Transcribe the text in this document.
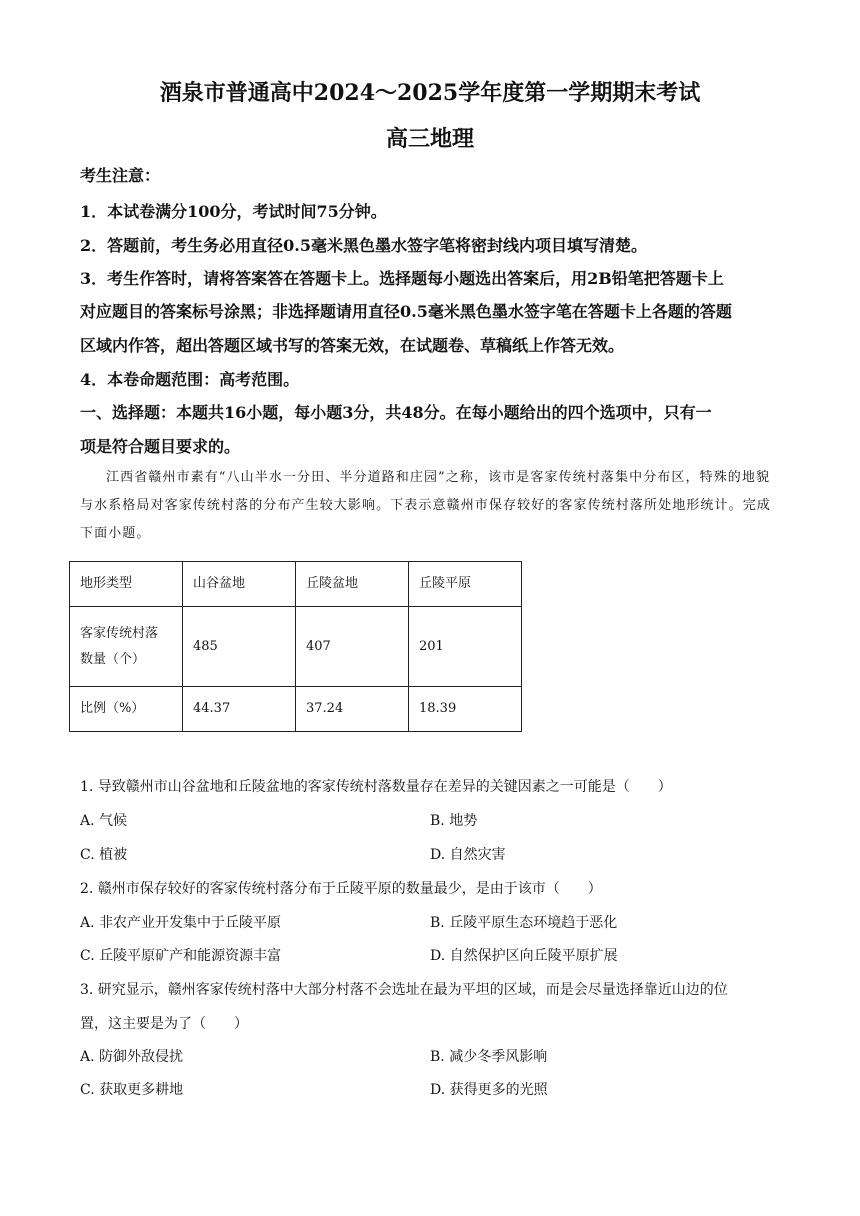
酒泉市普通高中2024～2025学年度第一学期期末考试
高三地理
考生注意：
1．本试卷满分100分，考试时间75分钟。
2．答题前，考生务必用直径0.5毫米黑色墨水签字笔将密封线内项目填写清楚。
3．考生作答时，请将答案答在答题卡上。选择题每小题选出答案后，用2B铅笔把答题卡上
对应题目的答案标号涂黑；非选择题请用直径0.5毫米黑色墨水签字笔在答题卡上各题的答题
区域内作答，超出答题区域书写的答案无效，在试题卷、草稿纸上作答无效。
4．本卷命题范围：高考范围。
一、选择题：本题共16小题，每小题3分，共48分。在每小题给出的四个选项中，只有一
项是符合题目要求的。
江西省赣州市素有“八山半水一分田、半分道路和庄园”之称，该市是客家传统村落集中分布区，特殊的地貌与水系格局对客家传统村落的分布产生较大影响。下表示意赣州市保存较好的客家传统村落所处地形统计。完成下面小题。
地形类型	山谷盆地	丘陵盆地	丘陵平原

客家传统村落
数量（个）	485	407	201
比例（%）	44.37	37.24	18.39
1. 导致赣州市山谷盆地和丘陵盆地的客家传统村落数量存在差异的关键因素之一可能是（　　）
A. 气候	B. 地势
C. 植被	D. 自然灾害
2. 赣州市保存较好的客家传统村落分布于丘陵平原的数量最少，是由于该市（　　）
A. 非农产业开发集中于丘陵平原	B. 丘陵平原生态环境趋于恶化
C. 丘陵平原矿产和能源资源丰富	D. 自然保护区向丘陵平原扩展
3. 研究显示，赣州客家传统村落中大部分村落不会选址在最为平坦的区域，而是会尽量选择靠近山边的位
置，这主要是为了（　　）
A. 防御外敌侵扰	B. 减少冬季风影响
C. 获取更多耕地	D. 获得更多的光照
